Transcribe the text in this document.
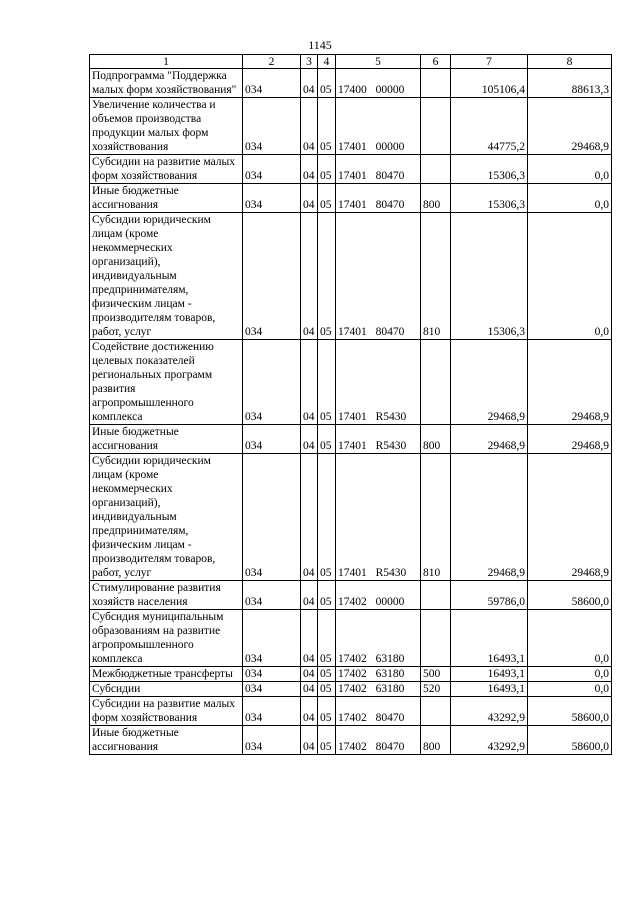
1145
1	2	3	4	5	6	7	8
Подпрограмма "Поддержка малых форм хозяйствования"	034	04	05	17400 00000		105106,4	88613,3
Увеличение количества и объемов производства продукции малых форм хозяйствования	034	04	05	17401 00000		44775,2	29468,9
Субсидии на развитие малых форм хозяйствования	034	04	05	17401 80470		15306,3	0,0
Иные бюджетные ассигнования	034	04	05	17401 80470	800	15306,3	0,0
Субсидии юридическим лицам (кроме некоммерческих организаций), индивидуальным предпринимателям, физическим лицам - производителям товаров, работ, услуг	034	04	05	17401 80470	810	15306,3	0,0
Содействие достижению целевых показателей региональных программ развития агропромышленного комплекса	034	04	05	17401 R5430		29468,9	29468,9
Иные бюджетные ассигнования	034	04	05	17401 R5430	800	29468,9	29468,9
Субсидии юридическим лицам (кроме некоммерческих организаций), индивидуальным предпринимателям, физическим лицам - производителям товаров, работ, услуг	034	04	05	17401 R5430	810	29468,9	29468,9
Стимулирование развития хозяйств населения	034	04	05	17402 00000		59786,0	58600,0
Субсидия муниципальным образованиям на развитие агропромышленного комплекса	034	04	05	17402 63180		16493,1	0,0
Межбюджетные трансферты	034	04	05	17402 63180	500	16493,1	0,0
Субсидии	034	04	05	17402 63180	520	16493,1	0,0
Субсидии на развитие малых форм хозяйствования	034	04	05	17402 80470		43292,9	58600,0
Иные бюджетные ассигнования	034	04	05	17402 80470	800	43292,9	58600,0
